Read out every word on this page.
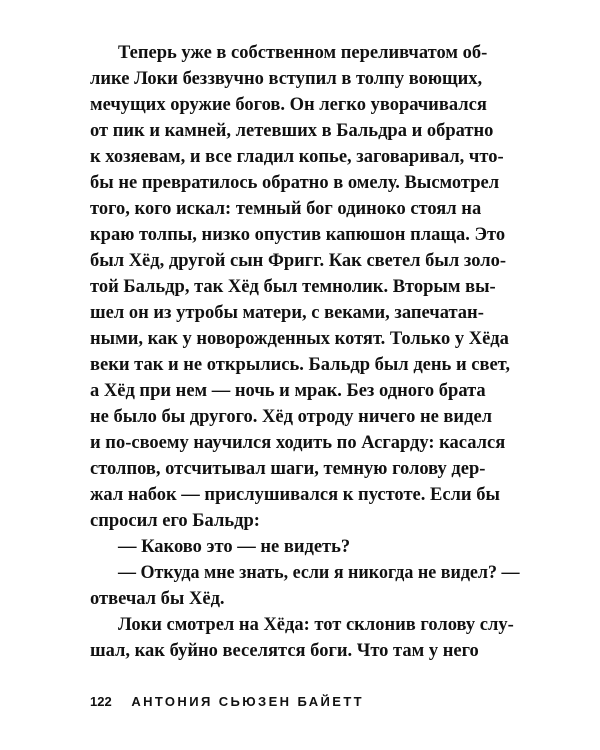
Теперь уже в собственном переливчатом об-
лике Локи беззвучно вступил в толпу воющих,
мечущих оружие богов. Он легко уворачивался
от пик и камней, летевших в Бальдра и обратно
к хозяевам, и все гладил копье, заговаривал, что-
бы не превратилось обратно в омелу. Высмотрел
того, кого искал: темный бог одиноко стоял на
краю толпы, низко опустив капюшон плаща. Это
был Хёд, другой сын Фригг. Как светел был золо-
той Бальдр, так Хёд был темнолик. Вторым вы-
шел он из утробы матери, с веками, запечатан-
ными, как у новорожденных котят. Только у Хёда
веки так и не открылись. Бальдр был день и свет,
а Хёд при нем — ночь и мрак. Без одного брата
не было бы другого. Хёд отроду ничего не видел
и по-своему научился ходить по Асгарду: касался
столпов, отсчитывал шаги, темную голову дер-
жал набок — прислушивался к пустоте. Если бы
спросил его Бальдр:
— Каково это — не видеть?
— Откуда мне знать, если я никогда не видел? —
отвечал бы Хёд.
Локи смотрел на Хёда: тот склонив голову слу-
шал, как буйно веселятся боги. Что там у него
122 АНТОНИЯ СЬЮЗЕН БАЙЕТТ
